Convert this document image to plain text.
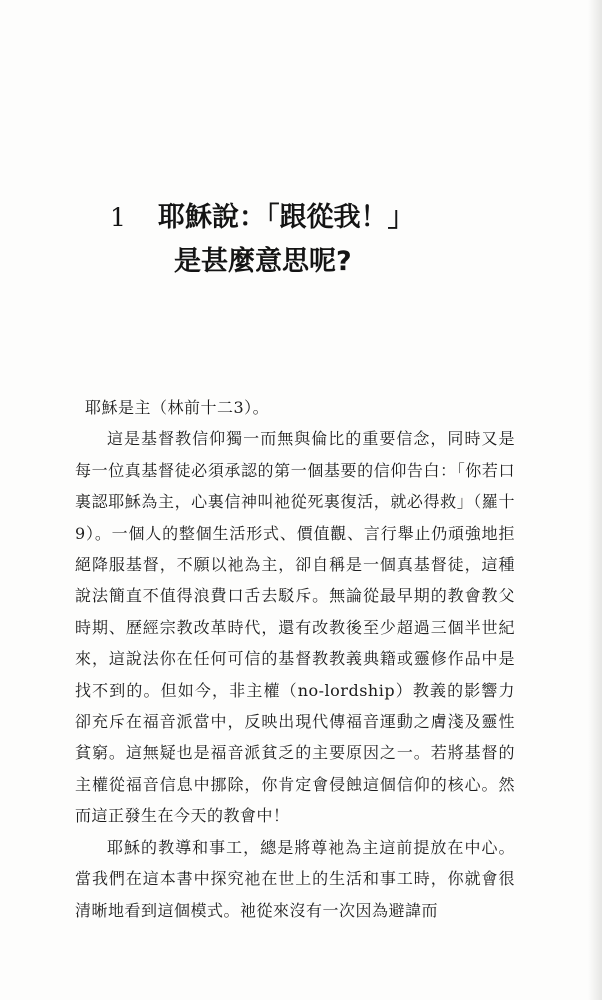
1 耶穌說：「跟從我！」
是甚麼意思呢?

耶穌是主（林前十二3）。

這是基督教信仰獨一而無與倫比的重要信念，同時又是每一位真基督徒必須承認的第一個基要的信仰告白：「你若口裏認耶穌為主，心裏信神叫祂從死裏復活，就必得救」（羅十9）。一個人的整個生活形式、價值觀、言行舉止仍頑強地拒絕降服基督，不願以祂為主，卻自稱是一個真基督徒，這種說法簡直不值得浪費口舌去駁斥。無論從最早期的教會教父時期、歷經宗教改革時代，還有改教後至少超過三個半世紀來，這說法你在任何可信的基督教教義典籍或靈修作品中是找不到的。但如今，非主權（no-lordship）教義的影響力卻充斥在福音派當中，反映出現代傳福音運動之膚淺及靈性貧窮。這無疑也是福音派貧乏的主要原因之一。若將基督的主權從福音信息中挪除，你肯定會侵蝕這個信仰的核心。然而這正發生在今天的教會中！

耶穌的教導和事工，總是將尊祂為主這前提放在中心。當我們在這本書中探究祂在世上的生活和事工時，你就會很清晰地看到這個模式。祂從來沒有一次因為避諱而
